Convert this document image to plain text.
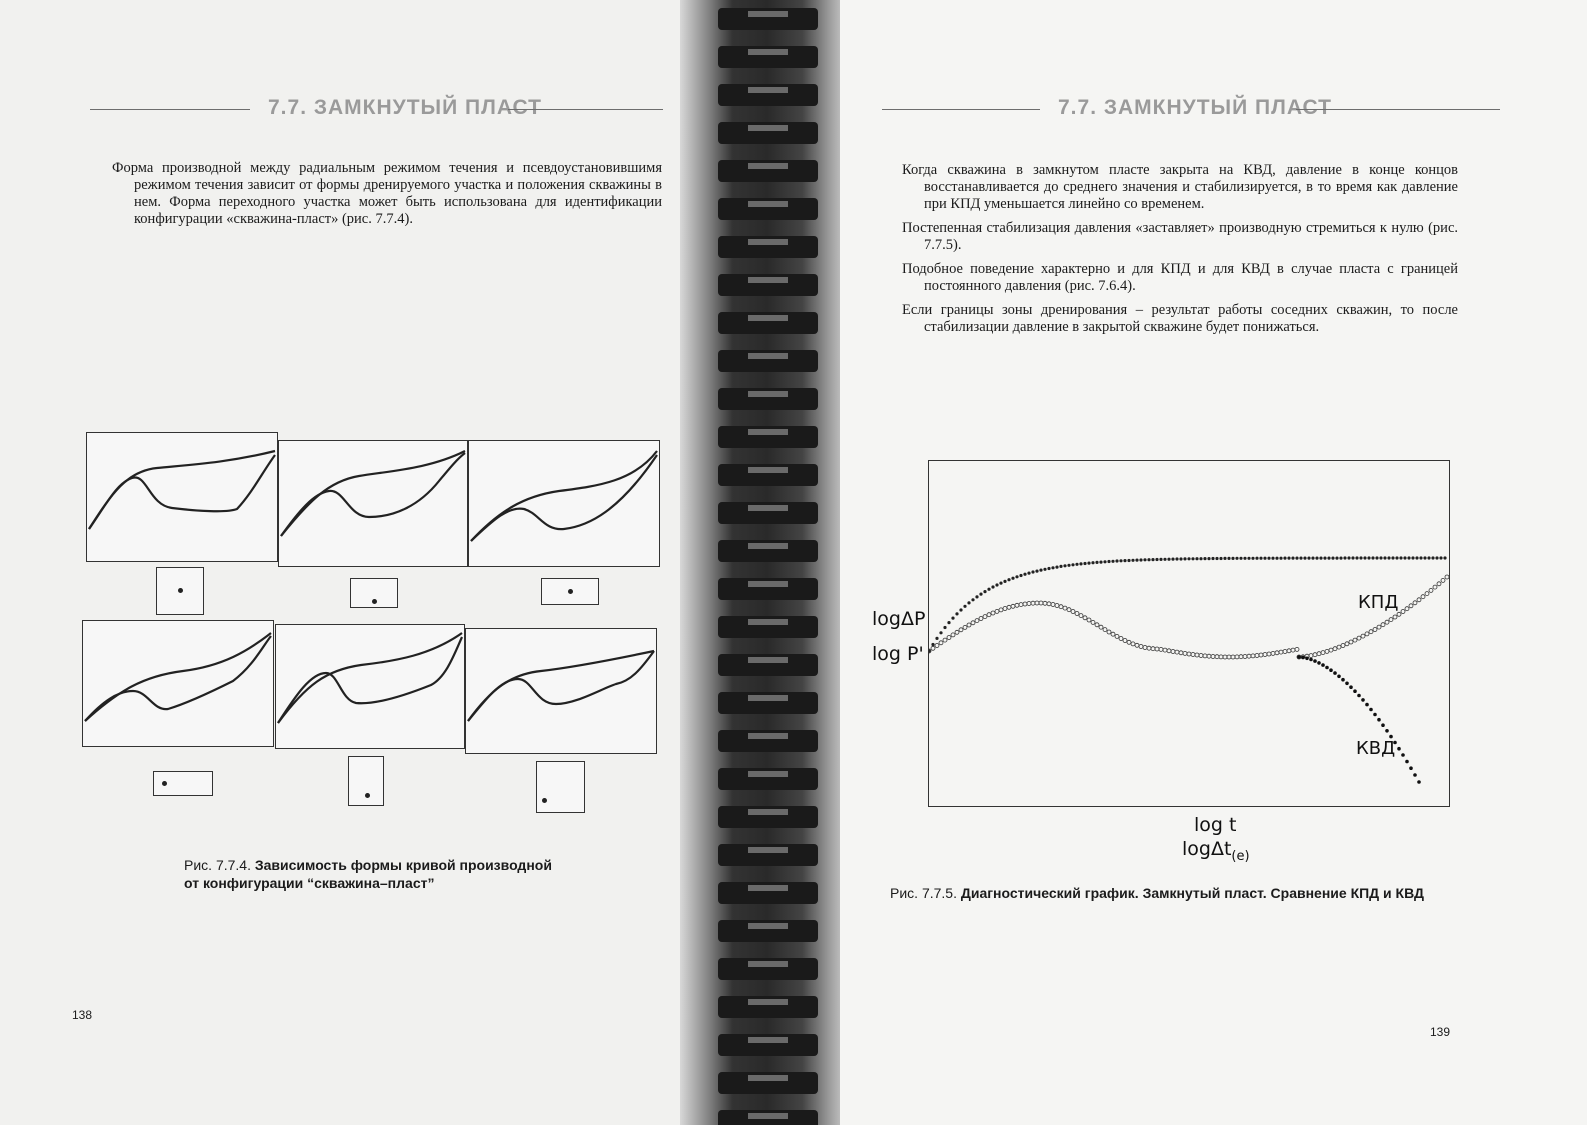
7.7. ЗАМКНУТЫЙ ПЛАСТ

Форма производной между радиальным режимом течения и псевдоустановившимя режимом течения зависит от формы дренируемого участка и положения скважины в нем. Форма переходного участка может быть использована для идентификации конфигурации «скважина-пласт» (рис. 7.7.4).

Рис. 7.7.4. Зависимость формы кривой производной от конфигурации “скважина–пласт”
138
7.7. ЗАМКНУТЫЙ ПЛАСТ

Когда скважина в замкнутом пласте закрыта на КВД, давление в конце концов восстанавливается до среднего значения и стабилизируется, в то время как давление при КПД уменьшается линейно со временем.

Постепенная стабилизация давления «заставляет» производную стремиться к нулю (рис. 7.7.5).

Подобное поведение характерно и для КПД и для КВД в случае пласта с границей постоянного давления (рис. 7.6.4).

Если границы зоны дренирования – результат работы соседних скважин, то после стабилизации давление в закрытой скважине будет понижаться.

Рис. 7.7.5. Диагностический график. Замкнутый пласт. Сравнение КПД и КВД
139
logΔP
log P'
log t
logΔt$_{(e)}$
КПД
КВД
